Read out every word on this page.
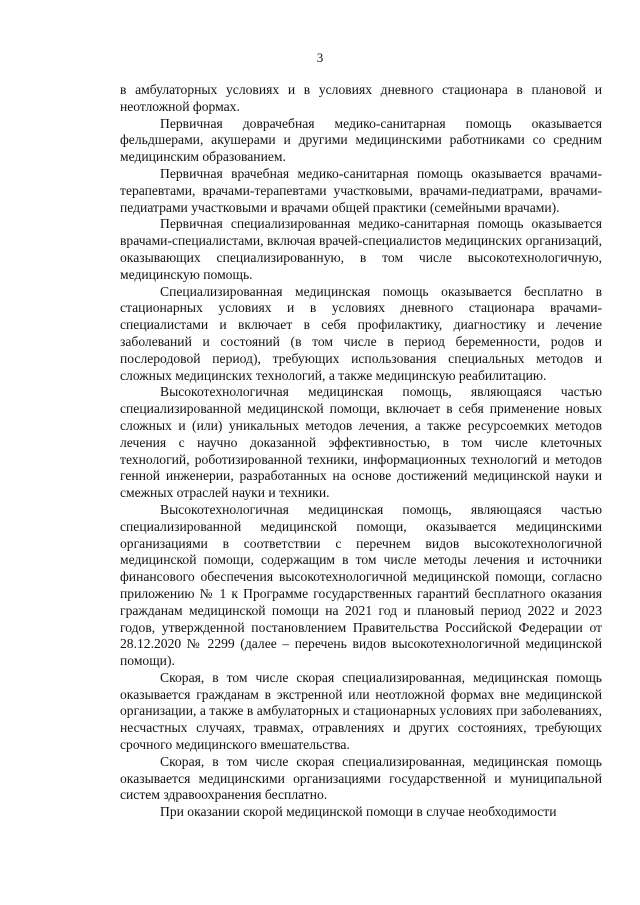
3

в амбулаторных условиях и в условиях дневного стационара в плановой и неотложной формах.

Первичная доврачебная медико-санитарная помощь оказывается фельдшерами, акушерами и другими медицинскими работниками со средним медицинским образованием.

Первичная врачебная медико-санитарная помощь оказывается врачами-терапевтами, врачами-терапевтами участковыми, врачами-педиатрами, врачами-педиатрами участковыми и врачами общей практики (семейными врачами).

Первичная специализированная медико-санитарная помощь оказывается врачами-специалистами, включая врачей-специалистов медицинских организаций, оказывающих специализированную, в том числе высокотехнологичную, медицинскую помощь.

Специализированная медицинская помощь оказывается бесплатно в стационарных условиях и в условиях дневного стационара врачами-специалистами и включает в себя профилактику, диагностику и лечение заболеваний и состояний (в том числе в период беременности, родов и послеродовой период), требующих использования специальных методов и сложных медицинских технологий, а также медицинскую реабилитацию.

Высокотехнологичная медицинская помощь, являющаяся частью специализированной медицинской помощи, включает в себя применение новых сложных и (или) уникальных методов лечения, а также ресурсоемких методов лечения с научно доказанной эффективностью, в том числе клеточных технологий, роботизированной техники, информационных технологий и методов генной инженерии, разработанных на основе достижений медицинской науки и смежных отраслей науки и техники.

Высокотехнологичная медицинская помощь, являющаяся частью специализированной медицинской помощи, оказывается медицинскими организациями в соответствии с перечнем видов высокотехнологичной медицинской помощи, содержащим в том числе методы лечения и источники финансового обеспечения высокотехнологичной медицинской помощи, согласно приложению № 1 к Программе государственных гарантий бесплатного оказания гражданам медицинской помощи на 2021 год и плановый период 2022 и 2023 годов, утвержденной постановлением Правительства Российской Федерации от 28.12.2020 № 2299 (далее – перечень видов высокотехнологичной медицинской помощи).

Скорая, в том числе скорая специализированная, медицинская помощь оказывается гражданам в экстренной или неотложной формах вне медицинской организации, а также в амбулаторных и стационарных условиях при заболеваниях, несчастных случаях, травмах, отравлениях и других состояниях, требующих срочного медицинского вмешательства.

Скорая, в том числе скорая специализированная, медицинская помощь оказывается медицинскими организациями государственной и муниципальной систем здравоохранения бесплатно.

При оказании скорой медицинской помощи в случае необходимости
